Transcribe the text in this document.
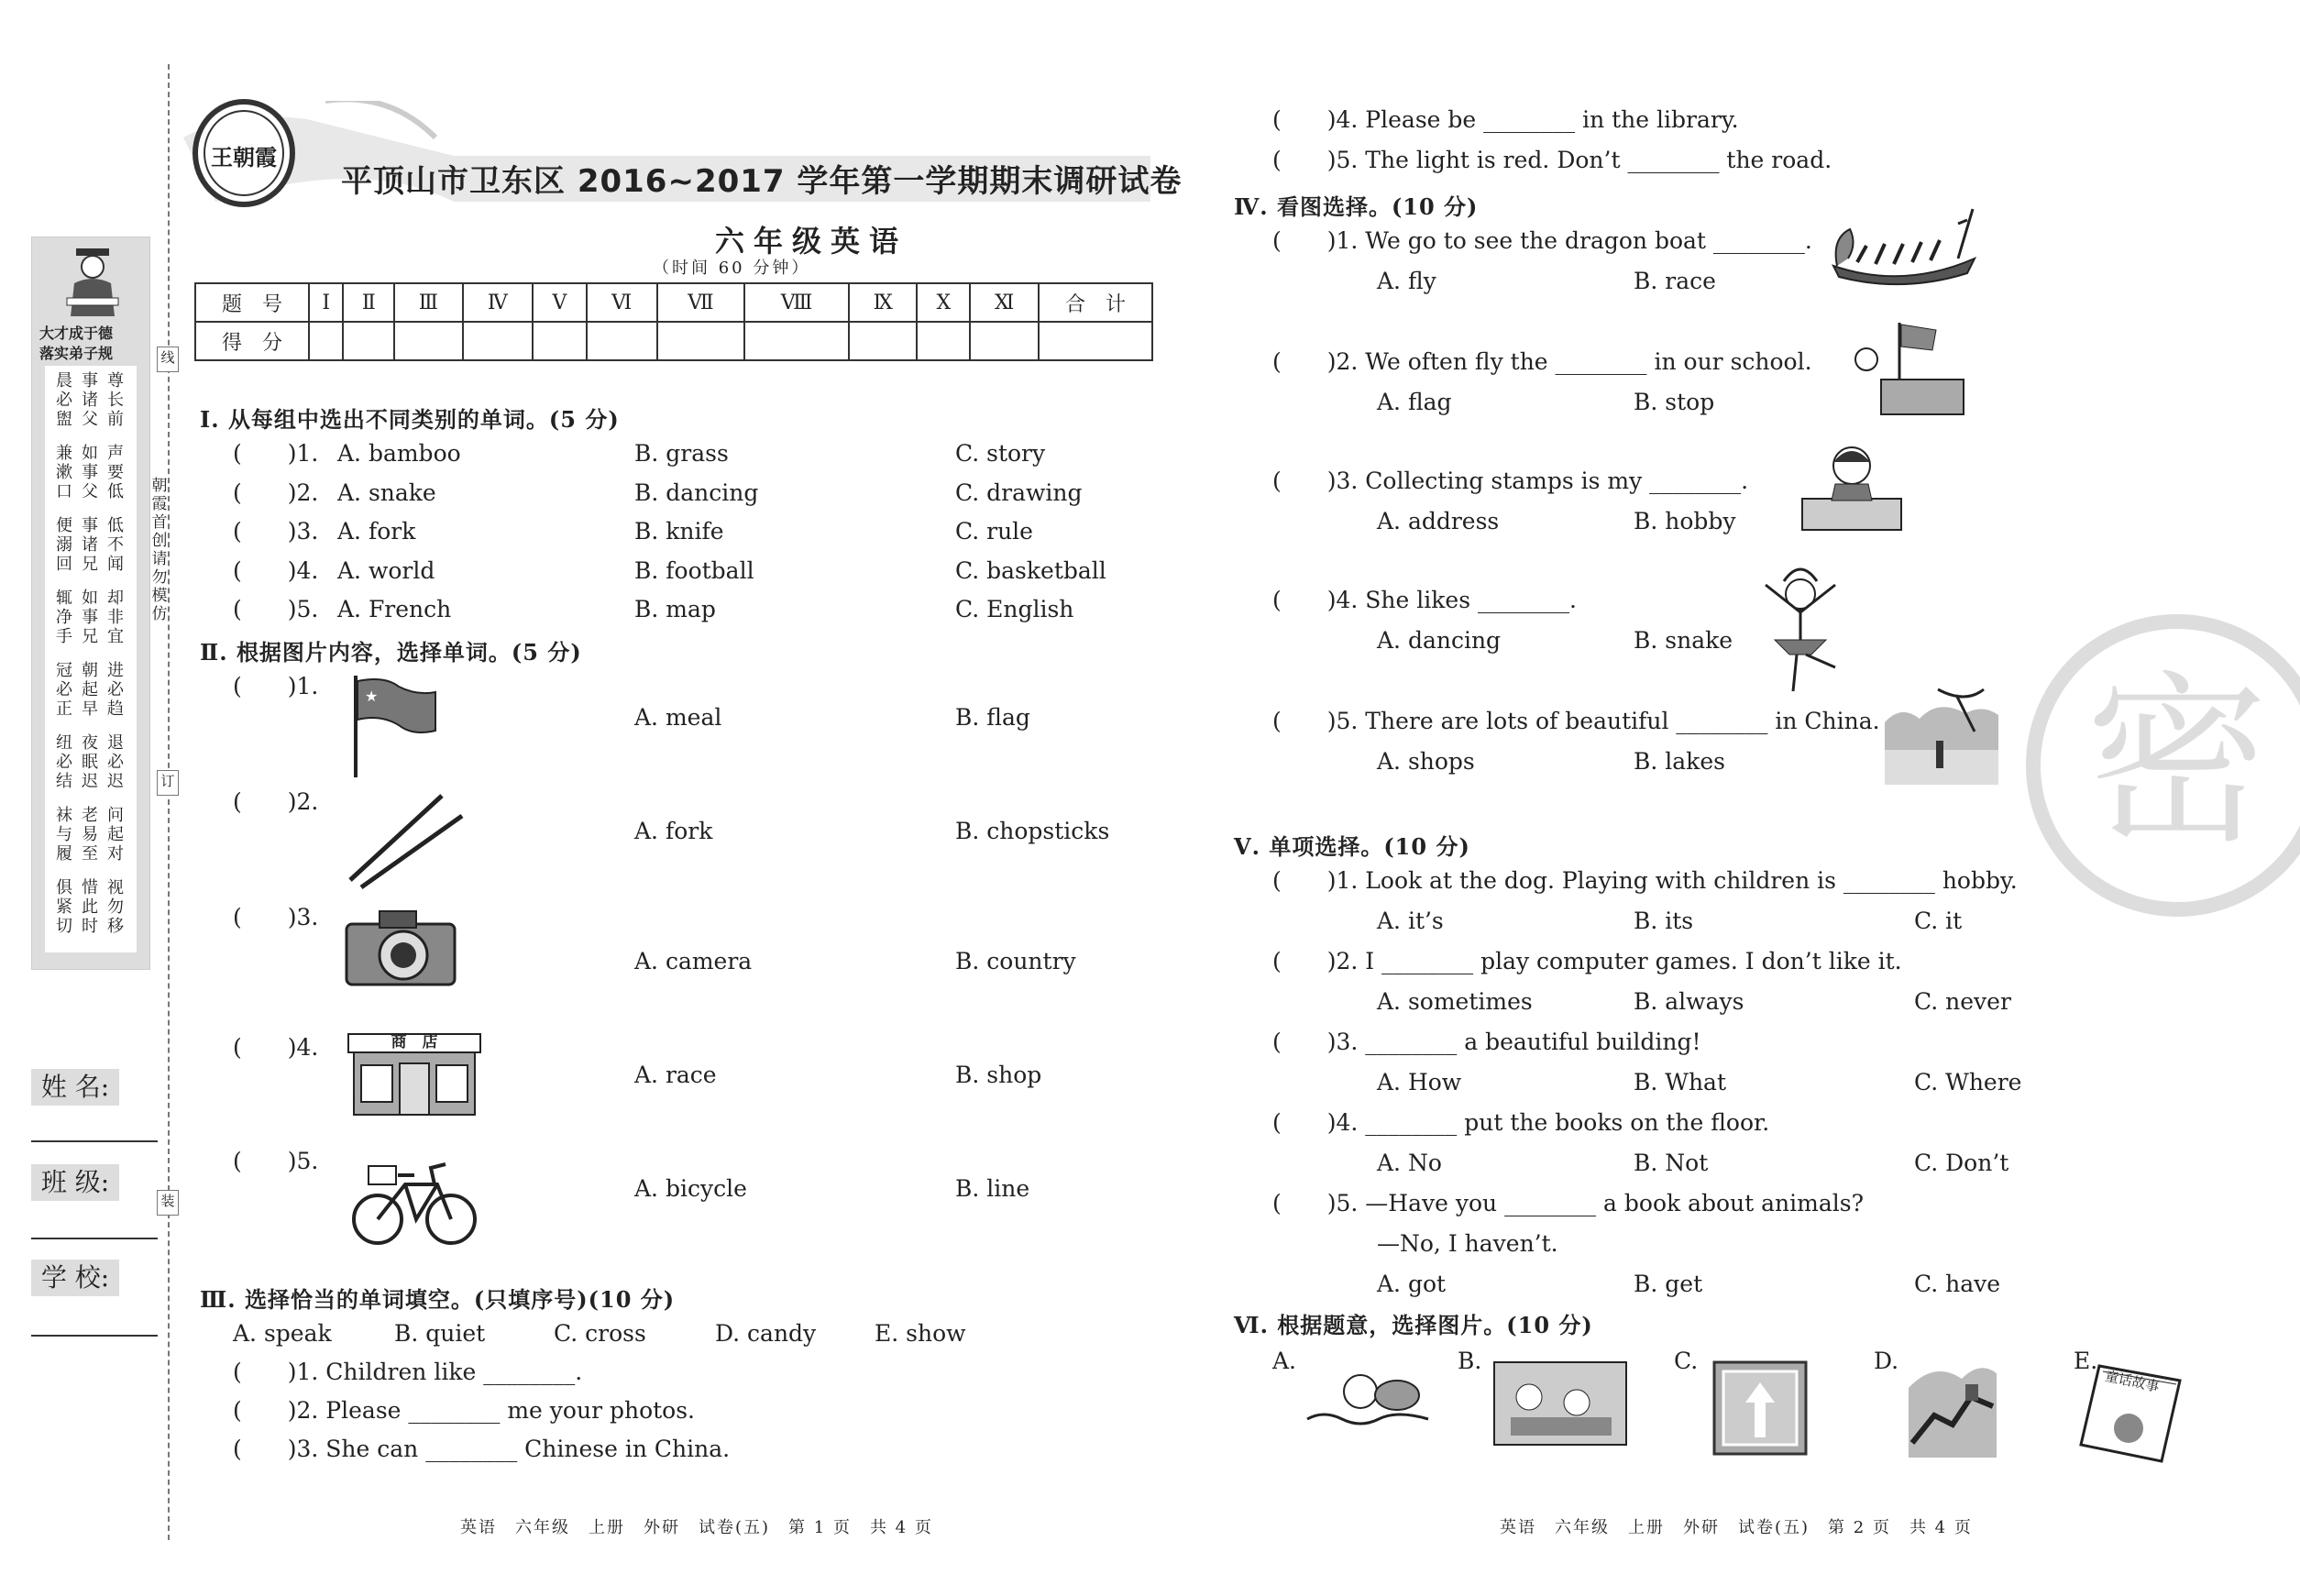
大才成于德
落实弟子规
晨 事 尊
必 诸 长
盥 父 前
兼 如 声
漱 事 要
口 父 低
便 事 低
溺 诸 不
回 兄 闻
辄 如 却
净 事 非
手 兄 宜
冠 朝 进
必 起 必
正 早 趋
纽 夜 退
必 眠 必
结 迟 迟
袜 老 问
与 易 起
履 至 对
俱 惜 视
紧 此 勿
切 时 移
朝霞首创 请勿模仿
线
订
装
姓 名:
班 级:
学 校:
王朝霞
平顶山市卫东区 2016~2017 学年第一学期期末调研试卷
六年级英语
（时间 60 分钟）
题　号	Ⅰ	Ⅱ	Ⅲ	Ⅳ	Ⅴ	Ⅵ	Ⅶ	Ⅷ	Ⅸ	Ⅹ	Ⅺ	合　计
得　分												
Ⅰ. 从每组中选出不同类别的单词。(5 分)
(　　)1. A. bamboo	B. grass	C. story
(　　)2. A. snake	B. dancing	C. drawing
(　　)3. A. fork	B. knife	C. rule
(　　)4. A. world	B. football	C. basketball
(　　)5. A. French	B. map	C. English
Ⅱ. 根据图片内容，选择单词。(5 分)
(　　)1.
A. meal	B. flag
(　　)2.
A. fork	B. chopsticks
(　　)3.
A. camera	B. country
(　　)4.
A. race	B. shop
(　　)5.
A. bicycle	B. line
★
商　店
Ⅲ. 选择恰当的单词填空。(只填序号)(10 分)
A. speak	B. quiet	C. cross	D. candy	E. show
(　　)1. Children like ________.
(　　)2. Please ________ me your photos.
(　　)3. She can ________ Chinese in China.
(　　)4. Please be ________ in the library.
(　　)5. The light is red. Don’t ________ the road.
Ⅳ. 看图选择。(10 分)
(　　)1. We go to see the dragon boat ________.
A. fly	B. race
(　　)2. We often fly the ________ in our school.
A. flag	B. stop
(　　)3. Collecting stamps is my ________.
A. address	B. hobby
(　　)4. She likes ________.
A. dancing	B. snake
(　　)5. There are lots of beautiful ________ in China.
A. shops	B. lakes
Ⅴ. 单项选择。(10 分)
(　　)1. Look at the dog. Playing with children is ________ hobby.
A. it’s	B. its	C. it
(　　)2. I ________ play computer games. I don’t like it.
A. sometimes	B. always	C. never
(　　)3. ________ a beautiful building!
A. How	B. What	C. Where
(　　)4. ________ put the books on the floor.
A. No	B. Not	C. Don’t
(　　)5. —Have you ________ a book about animals?
—No, I haven’t.
A. got	B. get	C. have
Ⅵ. 根据题意，选择图片。(10 分)
A.	B.	C.	D.	E.
童话故事
密
英语　六年级　上册　外研　试卷(五)　第 1 页　共 4 页	英语　六年级　上册　外研　试卷(五)　第 2 页　共 4 页
